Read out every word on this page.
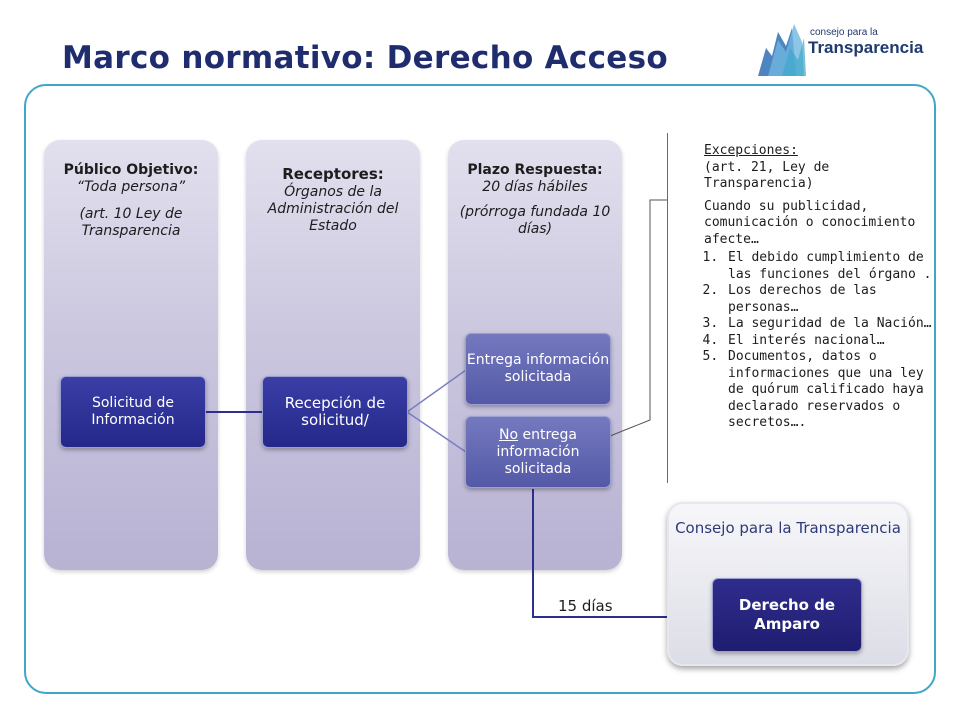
Marco normativo: Derecho Acceso
consejo para la
Transparencia

Público Objetivo:

“Toda persona”

(art. 10 Ley de Transparencia

Receptores:

Órganos de la Administración del Estado

Plazo Respuesta:

20 días hábiles

(prórroga fundada 10 días)

Solicitud de Información
Recepción de solicitud/
Entrega información solicitada
No entrega información solicitada
Excepciones:
(art. 21, Ley de Transparencia)
Cuando su publicidad, comunicación o conocimiento afecte…
1. El debido cumplimiento de las funciones del órgano .
2. Los derechos de las personas…
3. La seguridad de la Nación…
4. El interés nacional…
5. Documentos, datos o informaciones que una ley de quórum calificado haya declarado reservados o secretos….
Consejo para la Transparencia
Derecho de Amparo
15 días
